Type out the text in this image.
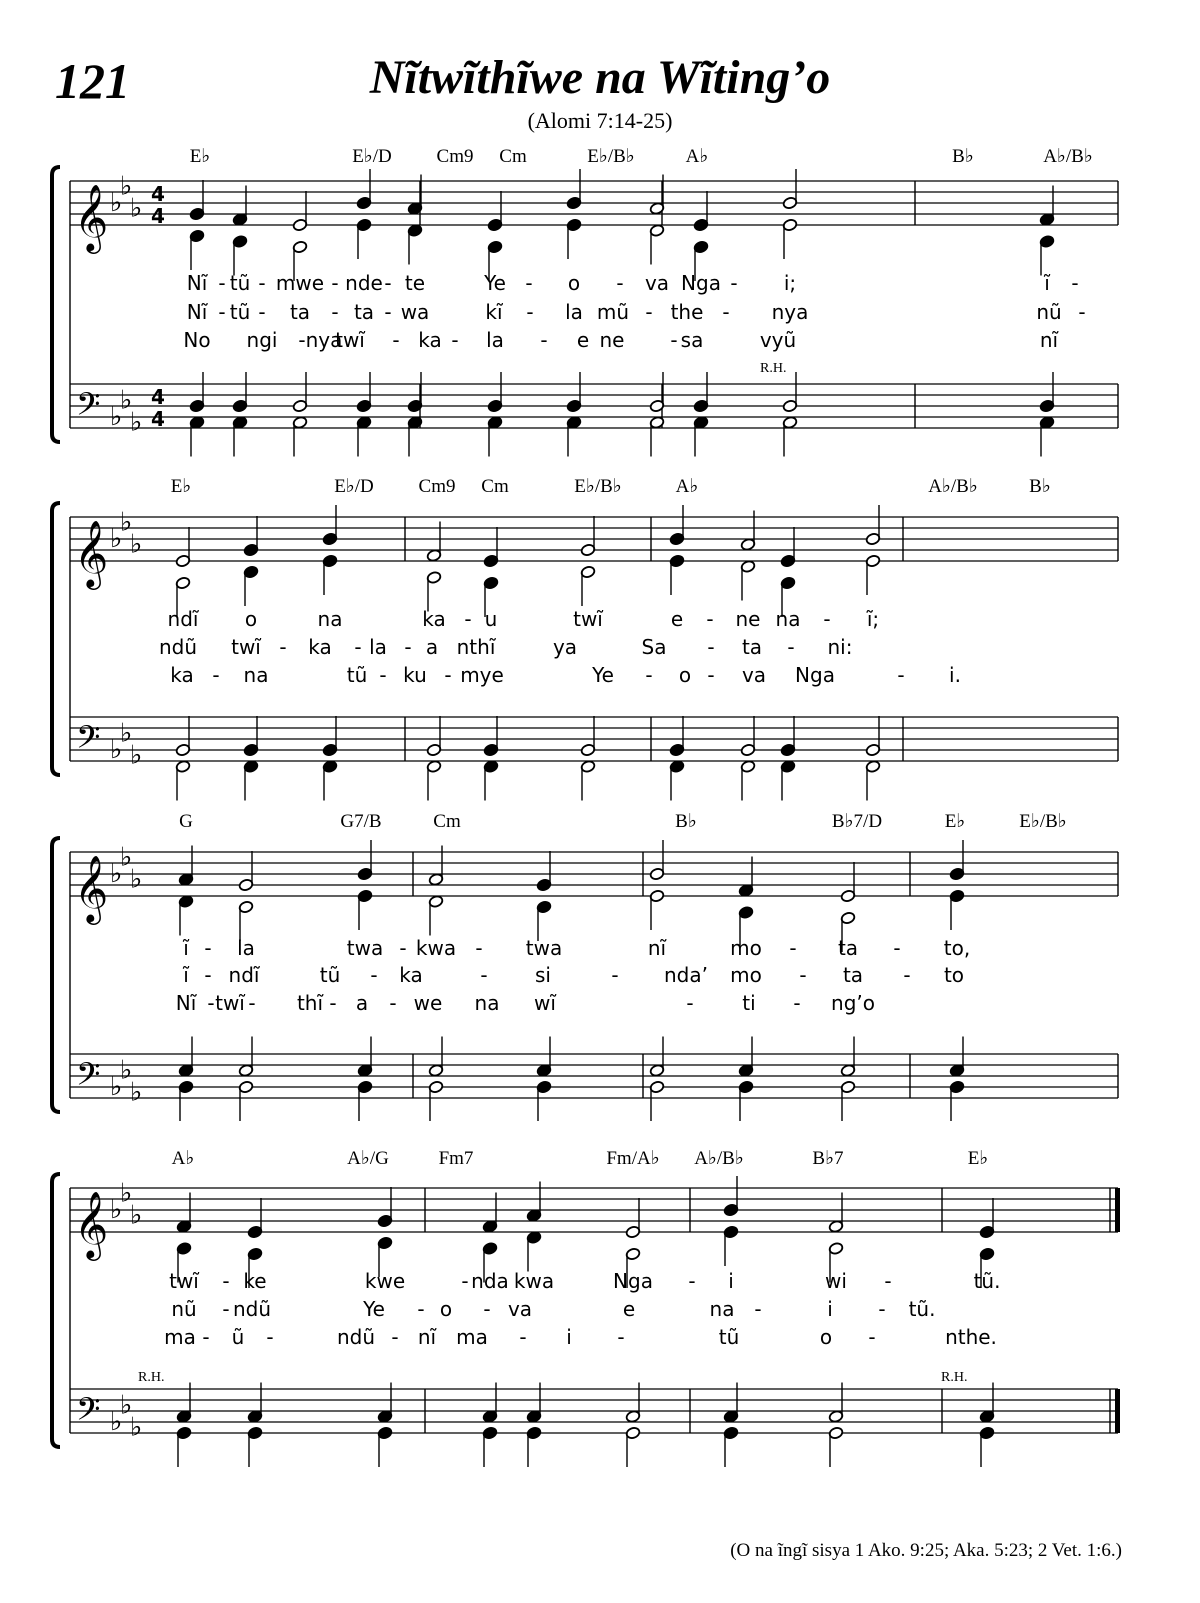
121	Nĩtwĩthĩwe na Wĩting’o
(Alomi 7:14-25)
𝄞
𝄢
♭
♭
♭
♭
♭
♭
4
4
4
4
E♭	E♭/D Cm9 Cm	E♭/B♭	A♭	B♭	A♭/B♭
Nĩ - tũ - mwe - nde - te	Ye - o - va Nga - i;	ĩ -
Nĩ - tũ - ta - ta - wa	kĩ - la mũ - the - nya	nũ -
No ngi - nya
twĩ - ka - la - e ne - sa	vyũ	nĩ
R.H.
𝄞
𝄢
♭
♭
♭
♭
♭
♭
E♭	E♭/D Cm9 Cm	E♭/B♭	A♭	A♭/B♭	B♭
ndĩ o	na	ka - u	twĩ	e - ne na - ĩ;
ndũ twĩ - ka - la - a nthĩ	ya	Sa - ta - ni:
ka - na	tũ - ku - mye	Ye - o - va Nga	- i.
𝄞
𝄢
♭
♭
♭
♭
♭
♭
G	G7/B	Cm	B♭	B♭7/D	E♭	E♭/B♭
ĩ - la	twa - kwa - twa	nĩ	mo - ta - to,
ĩ - ndĩ	tũ - ka	- si	- nda’ mo - ta - to
Nĩ - twĩ - thĩ - a - we na wĩ	- ti - ng’o
𝄞
𝄢
♭
♭
♭
♭
♭
♭
A♭	A♭/G	Fm7	Fm/A♭ A♭/B♭	B♭7	E♭
twĩ - ke	kwe	- nda kwa	Nga - i	wi -	tũ.
nũ - ndũ	Ye - o - va	e	na -	i - tũ.
ma - ũ -	ndũ - nĩ ma - i -	tũ	o -	nthe.
R.H.	R.H.
(O na ĩngĩ sisya 1 Ako. 9:25; Aka. 5:23; 2 Vet. 1:6.)
